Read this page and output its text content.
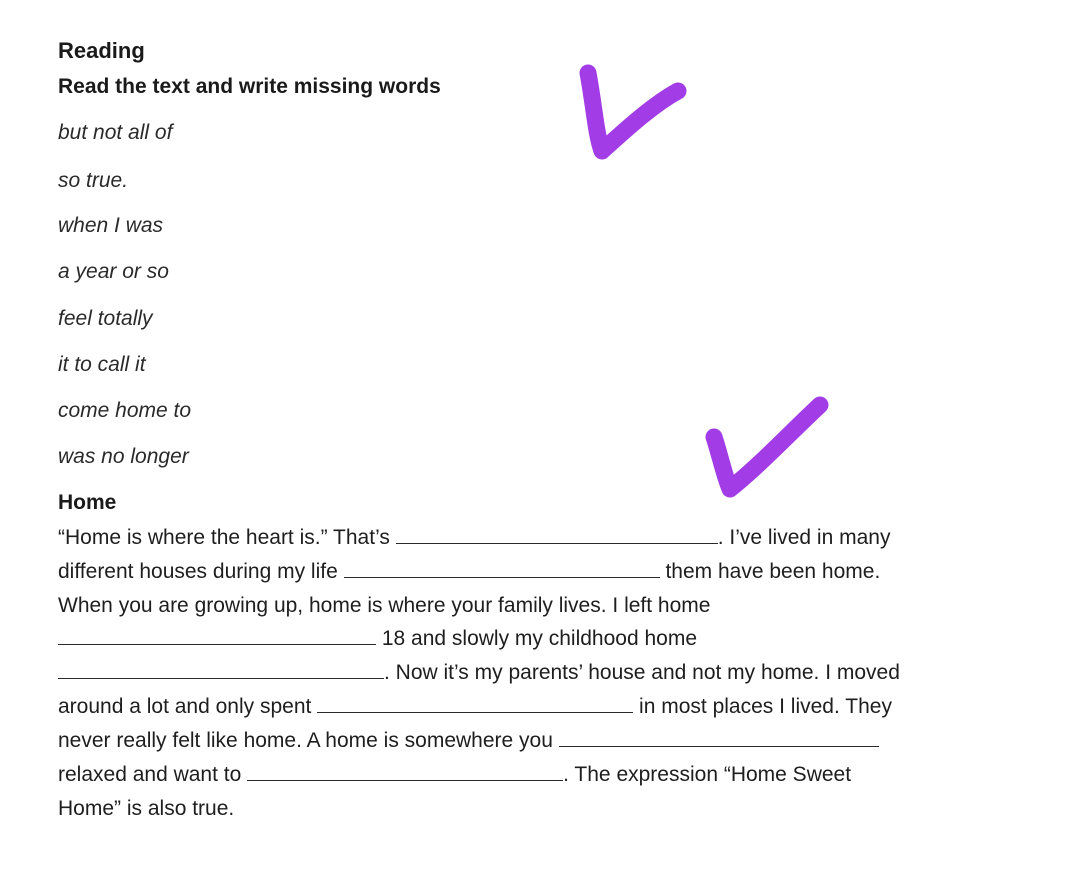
Reading
Read the text and write missing words
but not all of
so true.
when I was
a year or so
feel totally
it to call it
come home to
was no longer
Home
“Home is where the heart is.” That’s	. I’ve lived in many
different houses during my life	them have been home.
When you are growing up, home is where your family lives. I left home
18 and slowly my childhood home
. Now it’s my parents’ house and not my home. I moved
around a lot and only spent	in most places I lived. They
never really felt like home. A home is somewhere you
relaxed and want to	. The expression “Home Sweet
Home” is also true.
